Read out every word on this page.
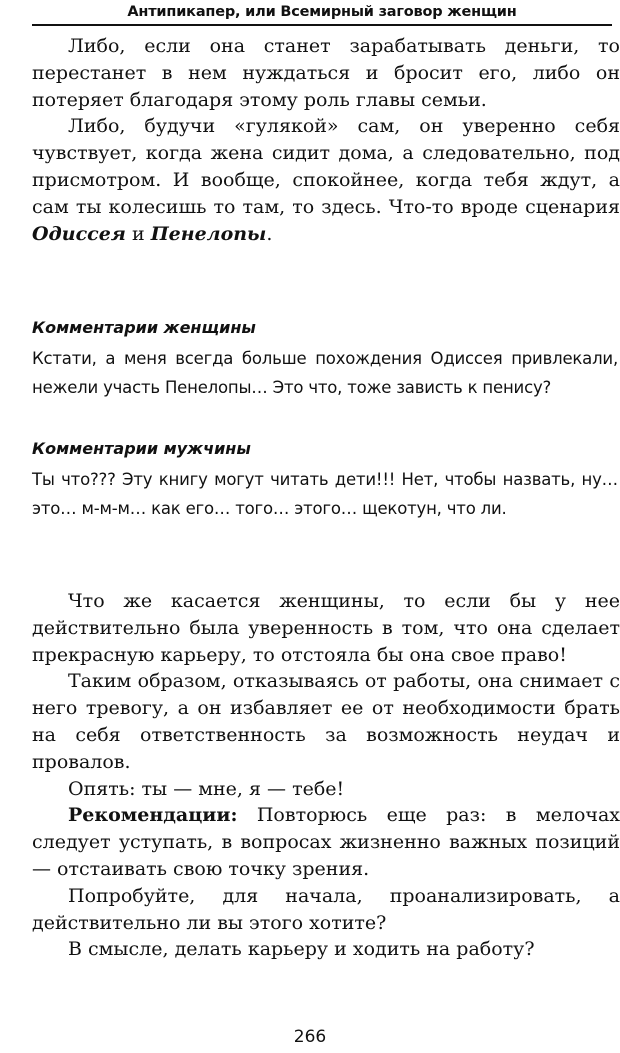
Антипикапер, или Всемирный заговор женщин

Либо, если она станет зарабатывать деньги, то перестанет в нем нуждаться и бросит его, либо он потеряет благодаря этому роль главы семьи.

Либо, будучи «гулякой» сам, он уверенно себя чувствует, когда жена сидит дома, а следовательно, под присмотром. И вообще, спокойнее, когда тебя ждут, а сам ты колесишь то там, то здесь. Что-то вроде сценария Одиссея и Пенелопы.

Комментарии женщины

Кстати, а меня всегда больше похождения Одиссея привлекали, нежели участь Пенелопы… Это что, тоже зависть к пенису?

Комментарии мужчины

Ты что??? Эту книгу могут читать дети!!! Нет, чтобы назвать, ну… это… м-м-м… как его… того… этого… щекотун, что ли.

Что же касается женщины, то если бы у нее действительно была уверенность в том, что она сделает прекрасную карьеру, то отстояла бы она свое право!

Таким образом, отказываясь от работы, она снимает с него тревогу, а он избавляет ее от необходимости брать на себя ответственность за возможность неудач и провалов.

Опять: ты — мне, я — тебе!

Рекомендации: Повторюсь еще раз: в мелочах следует уступать, в вопросах жизненно важных позиций — отстаивать свою точку зрения.

Попробуйте, для начала, проанализировать, а действительно ли вы этого хотите?

В смысле, делать карьеру и ходить на работу?

266
